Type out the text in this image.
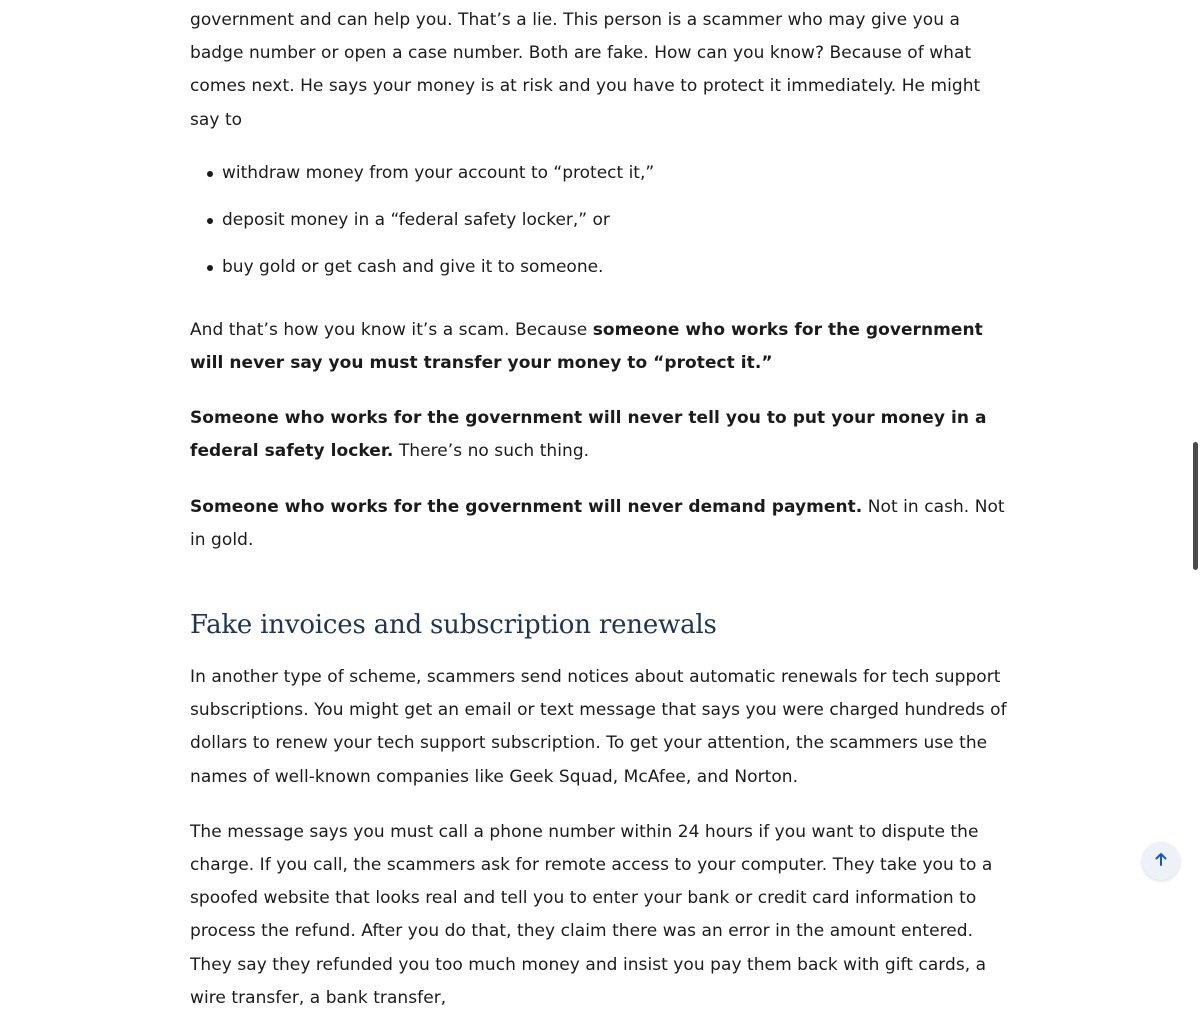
government and can help you. That’s a lie. This person is a scammer who may give you a badge number or open a case number. Both are fake. How can you know? Because of what comes next. He says your money is at risk and you have to protect it immediately. He might say to

withdraw money from your account to “protect it,”
deposit money in a “federal safety locker,” or
buy gold or get cash and give it to someone.

And that’s how you know it’s a scam. Because someone who works for the government will never say you must transfer your money to “protect it.”

Someone who works for the government will never tell you to put your money in a federal safety locker. There’s no such thing.

Someone who works for the government will never demand payment. Not in cash. Not in gold.

Fake invoices and subscription renewals

In another type of scheme, scammers send notices about automatic renewals for tech support subscriptions. You might get an email or text message that says you were charged hundreds of dollars to renew your tech support subscription. To get your attention, the scammers use the names of well-known companies like Geek Squad, McAfee, and Norton.

The message says you must call a phone number within 24 hours if you want to dispute the charge. If you call, the scammers ask for remote access to your computer. They take you to a spoofed website that looks real and tell you to enter your bank or credit card information to process the refund. After you do that, they claim there was an error in the amount entered. They say they refunded you too much money and insist you pay them back with gift cards, a wire transfer, a bank transfer,
